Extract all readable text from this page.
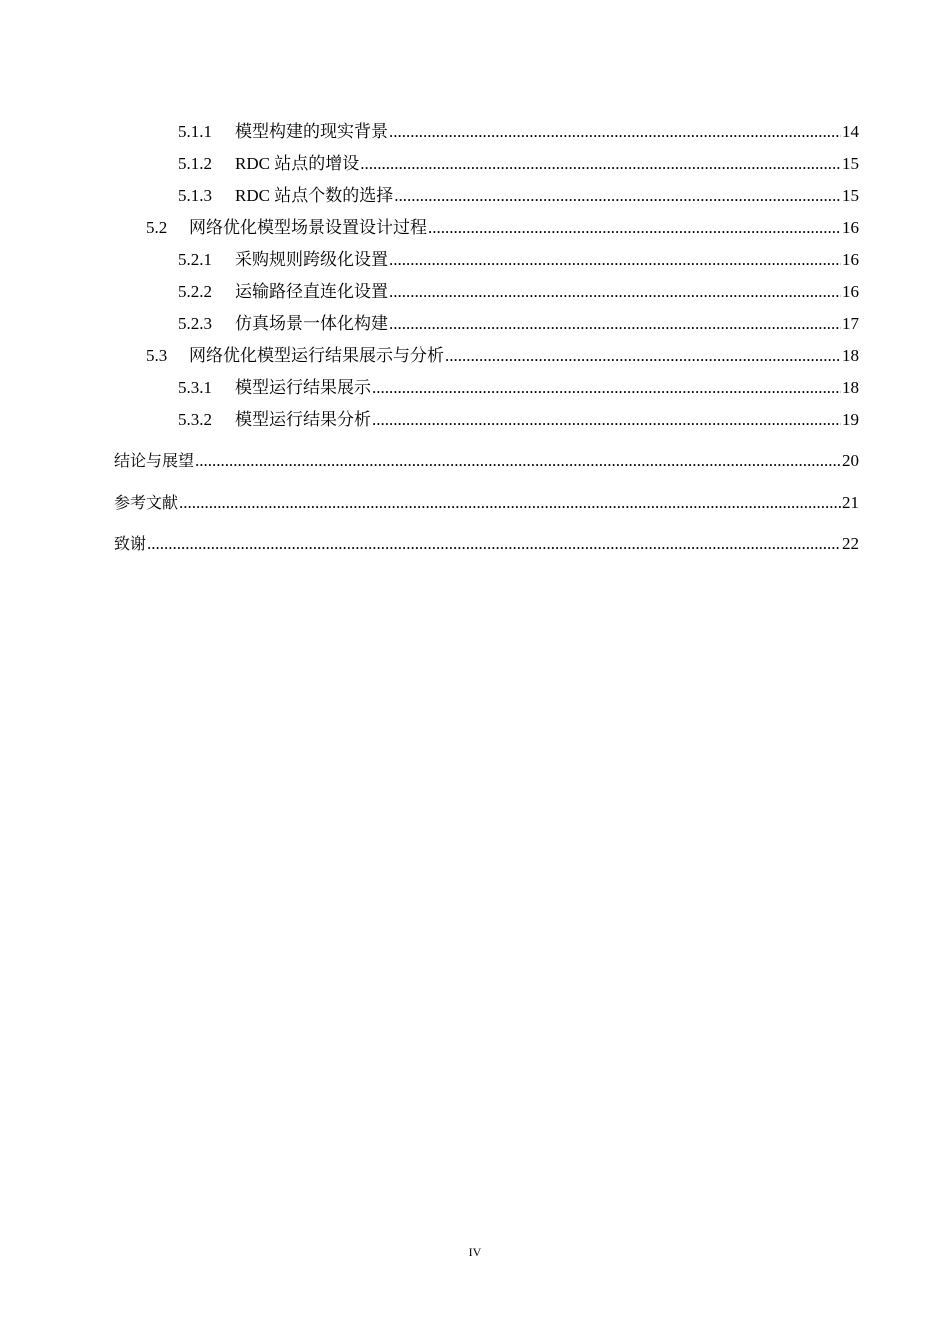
5.1.1	模型构建的现实背景 .....	14
5.1.2	RDC 站点的增设 .....	15
5.1.3	RDC 站点个数的选择 .....	15
5.2	网络优化模型场景设置设计过程 .....	16
5.2.1	采购规则跨级化设置 .....	16
5.2.2	运输路径直连化设置 .....	16
5.2.3	仿真场景一体化构建 .....	17
5.3	网络优化模型运行结果展示与分析 .....	18
5.3.1	模型运行结果展示 .....	18
5.3.2	模型运行结果分析 .....	19
结论与展望 .....	20
参考文献 .....	21
致谢 .....	22
IV
